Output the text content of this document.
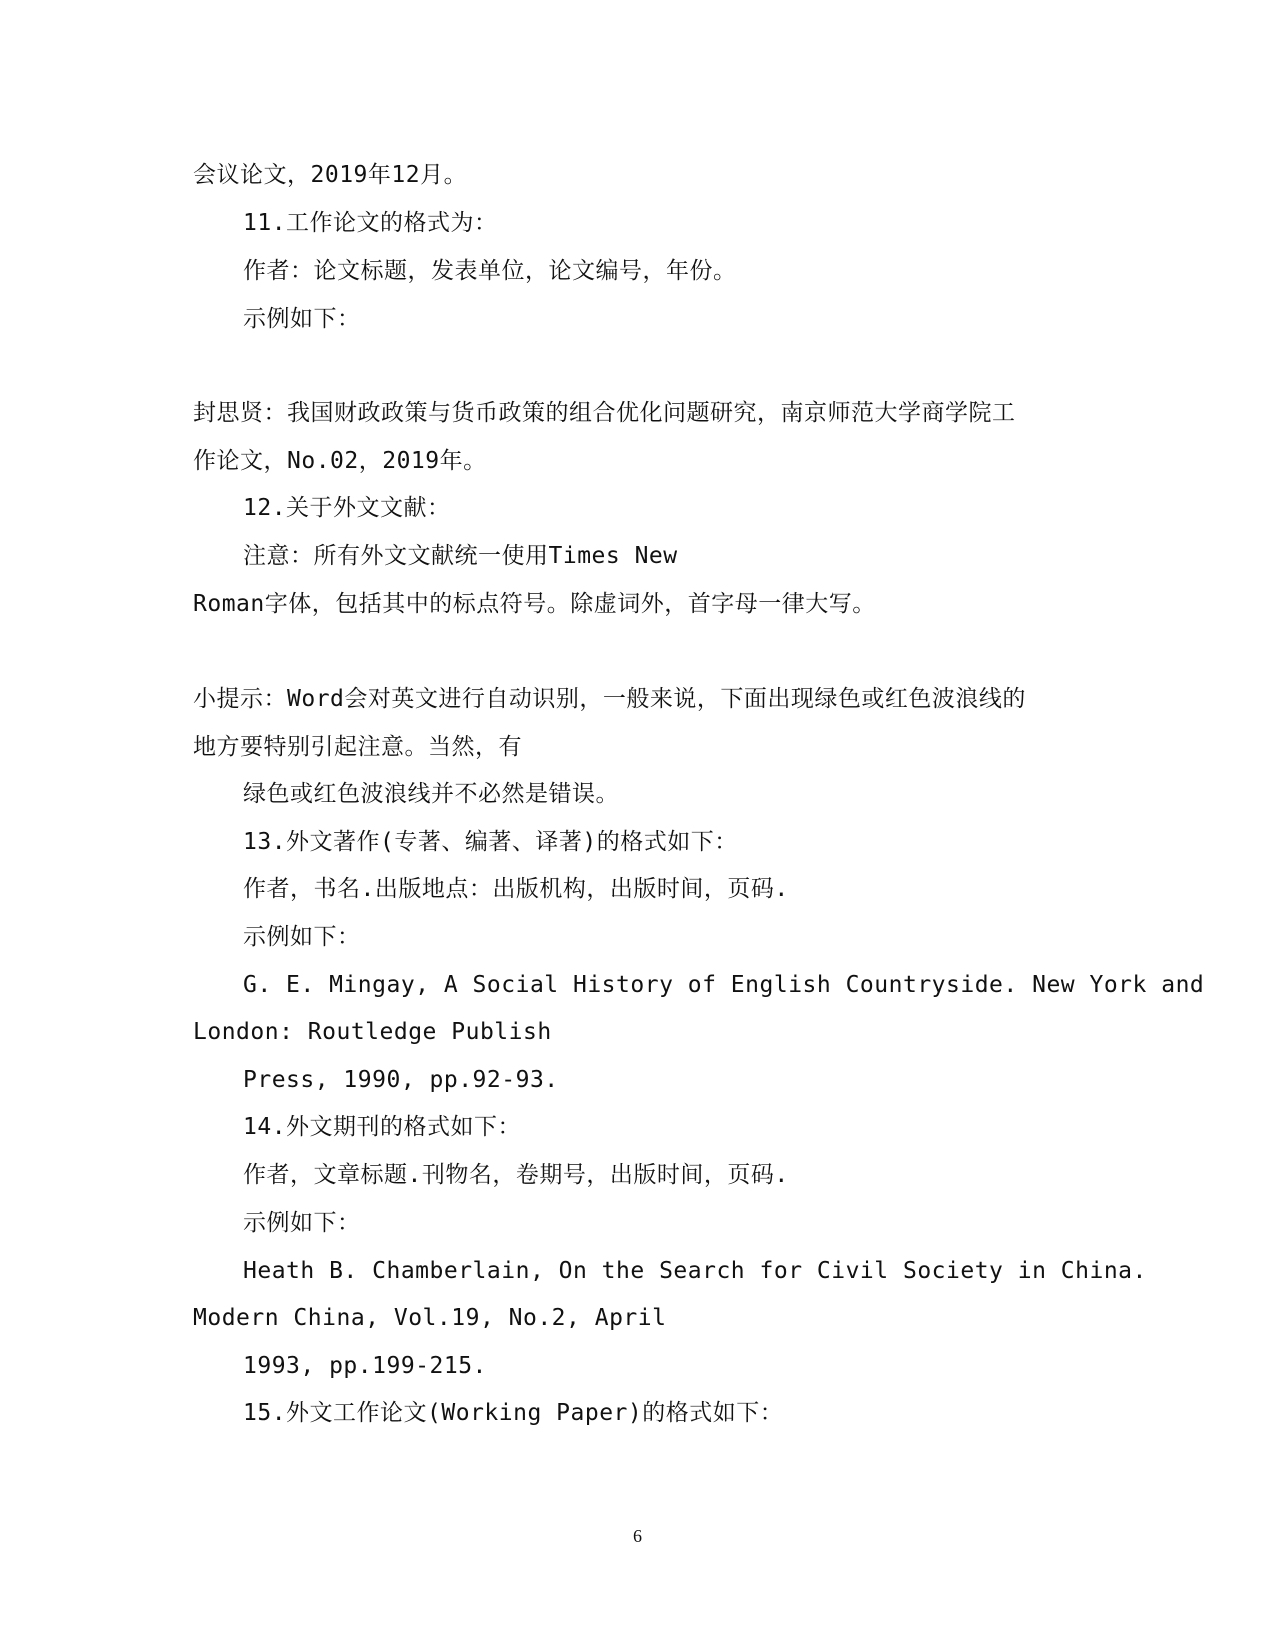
会议论文，2019年12月。
11.工作论文的格式为：
作者：论文标题，发表单位，论文编号，年份。
示例如下：
封思贤：我国财政政策与货币政策的组合优化问题研究，南京师范大学商学院工
作论文，No.02，2019年。
12.关于外文文献：
注意：所有外文文献统一使用Times New
Roman字体，包括其中的标点符号。除虚词外，首字母一律大写。
小提示：Word会对英文进行自动识别，一般来说，下面出现绿色或红色波浪线的
地方要特别引起注意。当然，有
绿色或红色波浪线并不必然是错误。
13.外文著作(专著、编著、译著)的格式如下：
作者，书名.出版地点：出版机构，出版时间，页码.
示例如下：
G. E. Mingay, A Social History of English Countryside. New York and
London: Routledge Publish
Press, 1990, pp.92-93.
14.外文期刊的格式如下：
作者，文章标题.刊物名，卷期号，出版时间，页码.
示例如下：
Heath B. Chamberlain, On the Search for Civil Society in China.
Modern China, Vol.19, No.2, April
1993, pp.199-215.
15.外文工作论文(Working Paper)的格式如下：
6
